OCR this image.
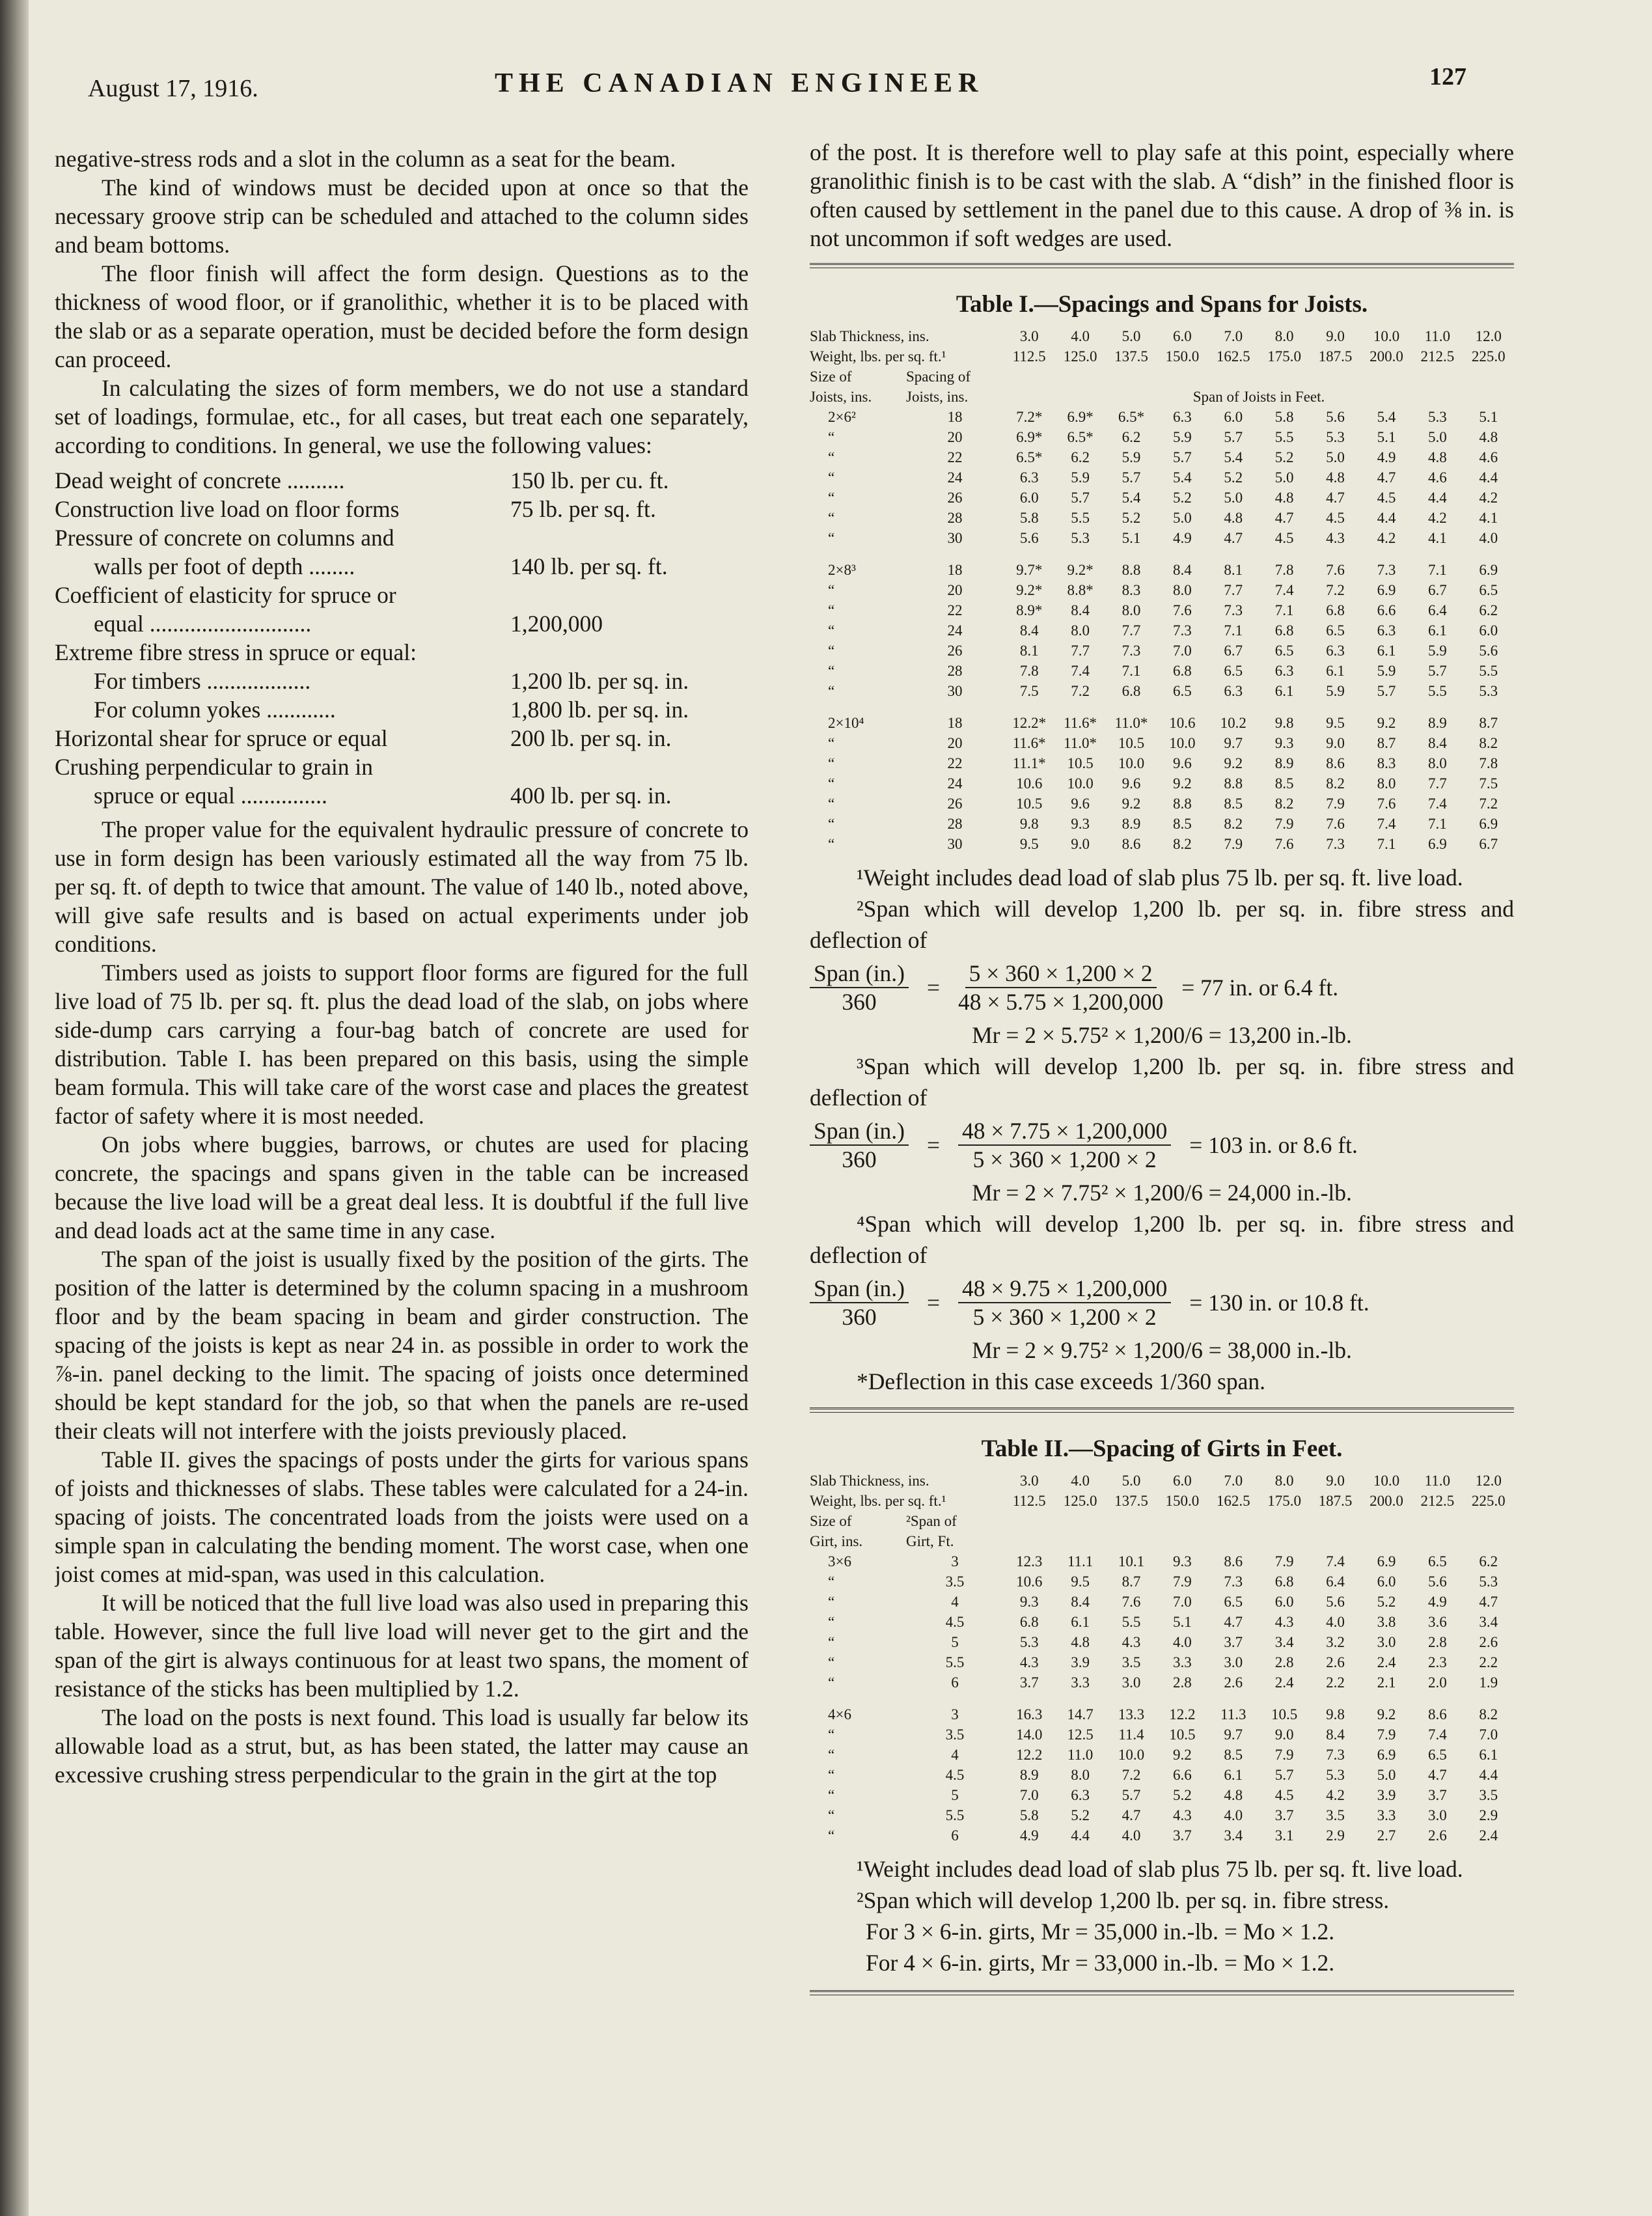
August 17, 1916.	THE CANADIAN ENGINEER	127

negative-stress rods and a slot in the column as a seat for the beam.

The kind of windows must be decided upon at once so that the necessary groove strip can be scheduled and attached to the column sides and beam bottoms.

The floor finish will affect the form design. Questions as to the thickness of wood floor, or if granolithic, whether it is to be placed with the slab or as a separate operation, must be decided before the form design can proceed.

In calculating the sizes of form members, we do not use a standard set of loadings, formulae, etc., for all cases, but treat each one separately, according to conditions. In general, we use the following values:

Dead weight of concrete ..........	150 lb. per cu. ft.
Construction live load on floor forms	75 lb. per sq. ft.
Pressure of concrete on columns and
walls per foot of depth ........	140 lb. per sq. ft.
Coefficient of elasticity for spruce or
equal ............................	1,200,000
Extreme fibre stress in spruce or equal:
For timbers ..................	1,200 lb. per sq. in.
For column yokes ............	1,800 lb. per sq. in.
Horizontal shear for spruce or equal	200 lb. per sq. in.
Crushing perpendicular to grain in
spruce or equal ...............	400 lb. per sq. in.

The proper value for the equivalent hydraulic pressure of concrete to use in form design has been variously estimated all the way from 75 lb. per sq. ft. of depth to twice that amount. The value of 140 lb., noted above, will give safe results and is based on actual experiments under job conditions.

Timbers used as joists to support floor forms are figured for the full live load of 75 lb. per sq. ft. plus the dead load of the slab, on jobs where side-dump cars carrying a four-bag batch of concrete are used for distribution. Table I. has been prepared on this basis, using the simple beam formula. This will take care of the worst case and places the greatest factor of safety where it is most needed.

On jobs where buggies, barrows, or chutes are used for placing concrete, the spacings and spans given in the table can be increased because the live load will be a great deal less. It is doubtful if the full live and dead loads act at the same time in any case.

The span of the joist is usually fixed by the position of the girts. The position of the latter is determined by the column spacing in a mushroom floor and by the beam spacing in beam and girder construction. The spacing of the joists is kept as near 24 in. as possible in order to work the ⅞-in. panel decking to the limit. The spacing of joists once determined should be kept standard for the job, so that when the panels are re-used their cleats will not interfere with the joists previously placed.

Table II. gives the spacings of posts under the girts for various spans of joists and thicknesses of slabs. These tables were calculated for a 24-in. spacing of joists. The concentrated loads from the joists were used on a simple span in calculating the bending moment. The worst case, when one joist comes at mid-span, was used in this calculation.

It will be noticed that the full live load was also used in preparing this table. However, since the full live load will never get to the girt and the span of the girt is always continuous for at least two spans, the moment of resistance of the sticks has been multiplied by 1.2.

The load on the posts is next found. This load is usually far below its allowable load as a strut, but, as has been stated, the latter may cause an excessive crushing stress perpendicular to the grain in the girt at the top

of the post. It is therefore well to play safe at this point, especially where granolithic finish is to be cast with the slab. A “dish” in the finished floor is often caused by settlement in the panel due to this cause. A drop of ⅜ in. is not uncommon if soft wedges are used.

Table I.—Spacings and Spans for Joists.
Slab Thickness, ins.		3.0	4.0	5.0	6.0	7.0	8.0	9.0	10.0	11.0	12.0
Weight, lbs. per sq. ft.¹		112.5	125.0	137.5	150.0	162.5	175.0	187.5	200.0	212.5	225.0
Size of	Spacing of										
Joists, ins.	Joists, ins.	Span of Joists in Feet.									
2×6²	18	7.2*	6.9*	6.5*	6.3	6.0	5.8	5.6	5.4	5.3	5.1
“	20	6.9*	6.5*	6.2	5.9	5.7	5.5	5.3	5.1	5.0	4.8
“	22	6.5*	6.2	5.9	5.7	5.4	5.2	5.0	4.9	4.8	4.6
“	24	6.3	5.9	5.7	5.4	5.2	5.0	4.8	4.7	4.6	4.4
“	26	6.0	5.7	5.4	5.2	5.0	4.8	4.7	4.5	4.4	4.2
“	28	5.8	5.5	5.2	5.0	4.8	4.7	4.5	4.4	4.2	4.1
“	30	5.6	5.3	5.1	4.9	4.7	4.5	4.3	4.2	4.1	4.0

2×8³	18	9.7*	9.2*	8.8	8.4	8.1	7.8	7.6	7.3	7.1	6.9
“	20	9.2*	8.8*	8.3	8.0	7.7	7.4	7.2	6.9	6.7	6.5
“	22	8.9*	8.4	8.0	7.6	7.3	7.1	6.8	6.6	6.4	6.2
“	24	8.4	8.0	7.7	7.3	7.1	6.8	6.5	6.3	6.1	6.0
“	26	8.1	7.7	7.3	7.0	6.7	6.5	6.3	6.1	5.9	5.6
“	28	7.8	7.4	7.1	6.8	6.5	6.3	6.1	5.9	5.7	5.5
“	30	7.5	7.2	6.8	6.5	6.3	6.1	5.9	5.7	5.5	5.3

2×10⁴	18	12.2*	11.6*	11.0*	10.6	10.2	9.8	9.5	9.2	8.9	8.7
“	20	11.6*	11.0*	10.5	10.0	9.7	9.3	9.0	8.7	8.4	8.2
“	22	11.1*	10.5	10.0	9.6	9.2	8.9	8.6	8.3	8.0	7.8
“	24	10.6	10.0	9.6	9.2	8.8	8.5	8.2	8.0	7.7	7.5
“	26	10.5	9.6	9.2	8.8	8.5	8.2	7.9	7.6	7.4	7.2
“	28	9.8	9.3	8.9	8.5	8.2	7.9	7.6	7.4	7.1	6.9
“	30	9.5	9.0	8.6	8.2	7.9	7.6	7.3	7.1	6.9	6.7

¹Weight includes dead load of slab plus 75 lb. per sq. ft. live load.

²Span which will develop 1,200 lb. per sq. in. fibre stress and deflection of

$\frac{\text{Span (in.)}}{360} = \frac{5 \times 360 \times 1,200 \times 2}{48 \times 5.75 \times 1,200,000} = 77$ in. or 6.4 ft.
Mr = 2 × 5.75² × 1,200/6 = 13,200 in.-lb.

³Span which will develop 1,200 lb. per sq. in. fibre stress and deflection of

$\frac{\text{Span (in.)}}{360} = \frac{48 \times 7.75 \times 1,200,000}{5 \times 360 \times 1,200 \times 2} = 103$ in. or 8.6 ft.
Mr = 2 × 7.75² × 1,200/6 = 24,000 in.-lb.

⁴Span which will develop 1,200 lb. per sq. in. fibre stress and deflection of

$\frac{\text{Span (in.)}}{360} = \frac{48 \times 9.75 \times 1,200,000}{5 \times 360 \times 1,200 \times 2} = 130$ in. or 10.8 ft.
Mr = 2 × 9.75² × 1,200/6 = 38,000 in.-lb.

*Deflection in this case exceeds 1/360 span.

Table II.—Spacing of Girts in Feet.
Slab Thickness, ins.		3.0	4.0	5.0	6.0	7.0	8.0	9.0	10.0	11.0	12.0
Weight, lbs. per sq. ft.¹		112.5	125.0	137.5	150.0	162.5	175.0	187.5	200.0	212.5	225.0
Size of	²Span of										
Girt, ins.	Girt, Ft.										
3×6	3	12.3	11.1	10.1	9.3	8.6	7.9	7.4	6.9	6.5	6.2
“	3.5	10.6	9.5	8.7	7.9	7.3	6.8	6.4	6.0	5.6	5.3
“	4	9.3	8.4	7.6	7.0	6.5	6.0	5.6	5.2	4.9	4.7
“	4.5	6.8	6.1	5.5	5.1	4.7	4.3	4.0	3.8	3.6	3.4
“	5	5.3	4.8	4.3	4.0	3.7	3.4	3.2	3.0	2.8	2.6
“	5.5	4.3	3.9	3.5	3.3	3.0	2.8	2.6	2.4	2.3	2.2
“	6	3.7	3.3	3.0	2.8	2.6	2.4	2.2	2.1	2.0	1.9

4×6	3	16.3	14.7	13.3	12.2	11.3	10.5	9.8	9.2	8.6	8.2
“	3.5	14.0	12.5	11.4	10.5	9.7	9.0	8.4	7.9	7.4	7.0
“	4	12.2	11.0	10.0	9.2	8.5	7.9	7.3	6.9	6.5	6.1
“	4.5	8.9	8.0	7.2	6.6	6.1	5.7	5.3	5.0	4.7	4.4
“	5	7.0	6.3	5.7	5.2	4.8	4.5	4.2	3.9	3.7	3.5
“	5.5	5.8	5.2	4.7	4.3	4.0	3.7	3.5	3.3	3.0	2.9
“	6	4.9	4.4	4.0	3.7	3.4	3.1	2.9	2.7	2.6	2.4

¹Weight includes dead load of slab plus 75 lb. per sq. ft. live load.

²Span which will develop 1,200 lb. per sq. in. fibre stress.

For 3 × 6-in. girts, Mr = 35,000 in.-lb. = Mo × 1.2.

For 4 × 6-in. girts, Mr = 33,000 in.-lb. = Mo × 1.2.
